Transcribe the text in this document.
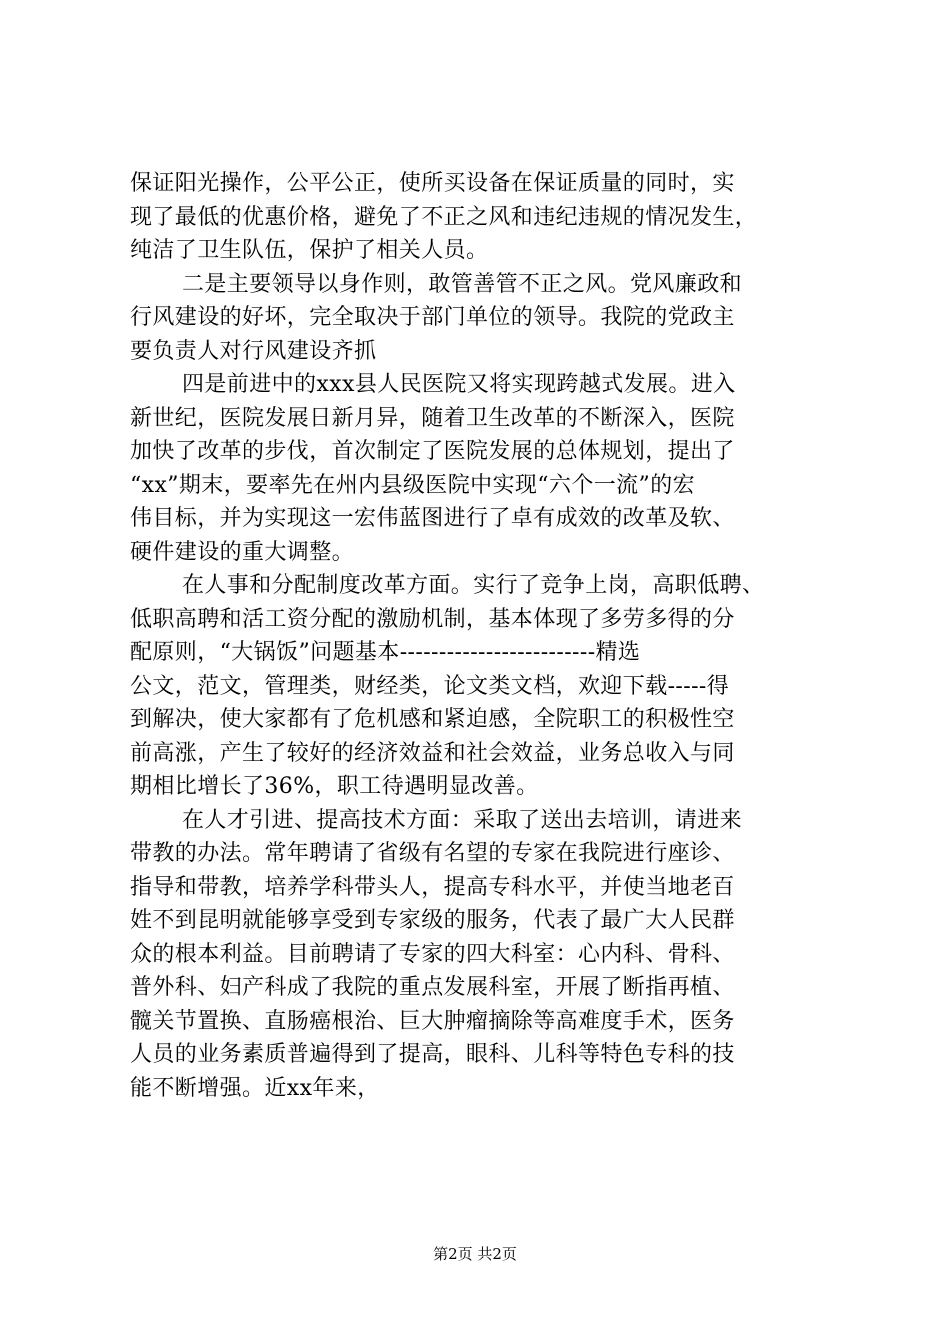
保证阳光操作，公平公正，使所买设备在保证质量的同时，实
现了最低的优惠价格，避免了不正之风和违纪违规的情况发生，
纯洁了卫生队伍，保护了相关人员。
二是主要领导以身作则，敢管善管不正之风。党风廉政和
行风建设的好坏，完全取决于部门单位的领导。我院的党政主
要负责人对行风建设齐抓
四是前进中的xxx县人民医院又将实现跨越式发展。进入
新世纪，医院发展日新月异，随着卫生改革的不断深入，医院
加快了改革的步伐，首次制定了医院发展的总体规划，提出了
“xx”期末，要率先在州内县级医院中实现“六个一流”的宏
伟目标，并为实现这一宏伟蓝图进行了卓有成效的改革及软、
硬件建设的重大调整。
在人事和分配制度改革方面。实行了竞争上岗，高职低聘、
低职高聘和活工资分配的激励机制，基本体现了多劳多得的分
配原则，“大锅饭”问题基本-------------------------精选
公文，范文，管理类，财经类，论文类文档，欢迎下载-----得
到解决，使大家都有了危机感和紧迫感，全院职工的积极性空
前高涨，产生了较好的经济效益和社会效益，业务总收入与同
期相比增长了36%，职工待遇明显改善。
在人才引进、提高技术方面：采取了送出去培训，请进来
带教的办法。常年聘请了省级有名望的专家在我院进行座诊、
指导和带教，培养学科带头人，提高专科水平，并使当地老百
姓不到昆明就能够享受到专家级的服务，代表了最广大人民群
众的根本利益。目前聘请了专家的四大科室：心内科、骨科、
普外科、妇产科成了我院的重点发展科室，开展了断指再植、
髋关节置换、直肠癌根治、巨大肿瘤摘除等高难度手术，医务
人员的业务素质普遍得到了提高，眼科、儿科等特色专科的技
能不断增强。近xx年来，
第2页 共2页
